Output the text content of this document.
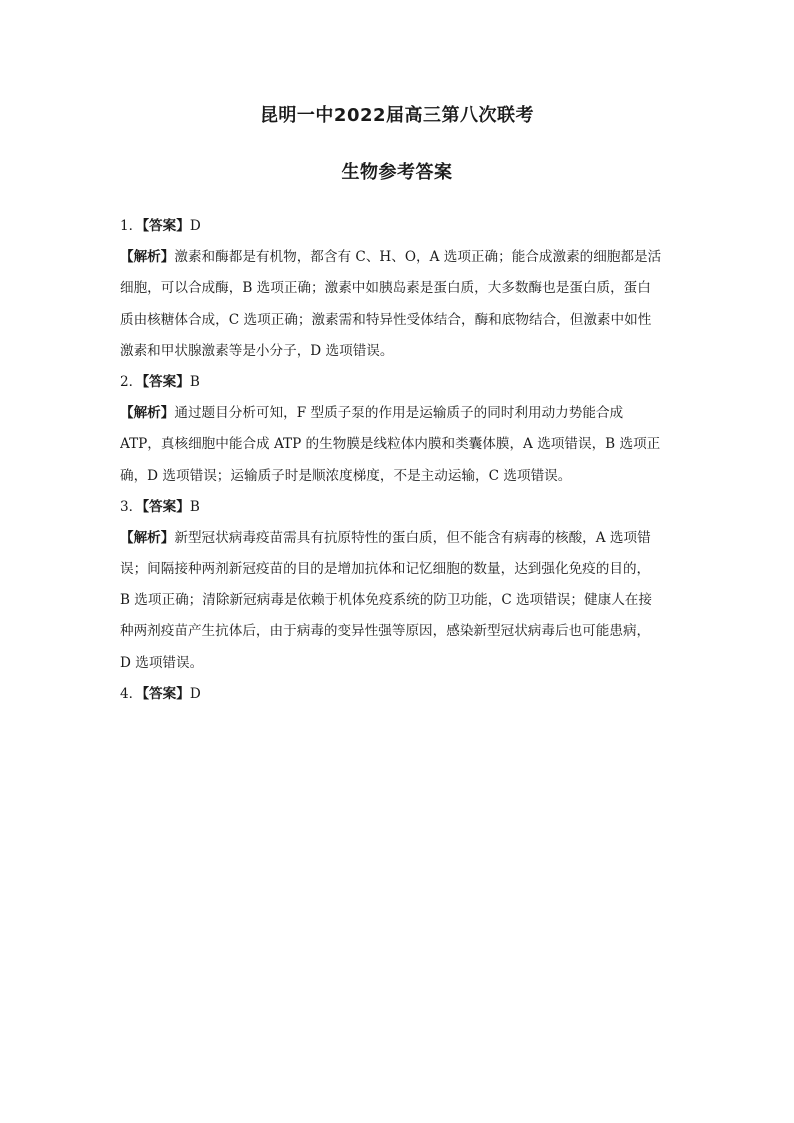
昆明一中2022届高三第八次联考
生物参考答案
1．【答案】D
【解析】激素和酶都是有机物，都含有 C、H、O，A 选项正确；能合成激素的细胞都是活
细胞，可以合成酶，B 选项正确；激素中如胰岛素是蛋白质，大多数酶也是蛋白质，蛋白
质由核糖体合成，C 选项正确；激素需和特异性受体结合，酶和底物结合，但激素中如性
激素和甲状腺激素等是小分子，D 选项错误。
2．【答案】B
【解析】通过题目分析可知，F 型质子泵的作用是运输质子的同时利用动力势能合成
ATP，真核细胞中能合成 ATP 的生物膜是线粒体内膜和类囊体膜，A 选项错误，B 选项正
确，D 选项错误；运输质子时是顺浓度梯度，不是主动运输，C 选项错误。
3．【答案】B
【解析】新型冠状病毒疫苗需具有抗原特性的蛋白质，但不能含有病毒的核酸，A 选项错
误；间隔接种两剂新冠疫苗的目的是增加抗体和记忆细胞的数量，达到强化免疫的目的，
B 选项正确；清除新冠病毒是依赖于机体免疫系统的防卫功能，C 选项错误；健康人在接
种两剂疫苗产生抗体后，由于病毒的变异性强等原因，感染新型冠状病毒后也可能患病，
D 选项错误。
4．【答案】D
